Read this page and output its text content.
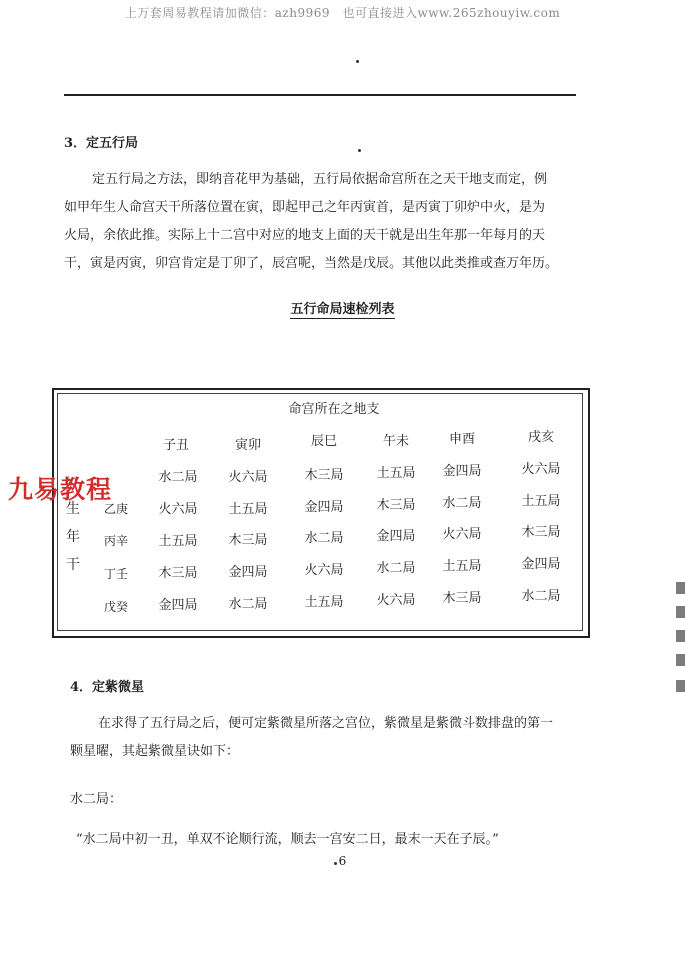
上万套周易教程请加微信：azh9969　也可直接进入www.265zhouyiw.com
3．定五行局
定五行局之方法，即纳音花甲为基础，五行局依据命宫所在之天干地支而定，例
如甲年生人命宫天干所落位置在寅，即起甲己之年丙寅首，是丙寅丁卯炉中火，是为
火局，余依此推。实际上十二宫中对应的地支上面的天干就是出生年那一年每月的天
干，寅是丙寅，卯宫肯定是丁卯了，辰宫呢，当然是戊辰。其他以此类推或查万年历。
五行命局速检列表
命宫所在之地支
子丑	寅卯	辰巳	午未	申酉	戌亥
生
年
干
水二局 火六局	木三局	土五局 金四局	火六局
乙庚 火六局 土五局	金四局	木三局 水二局	土五局
丙辛 土五局 木三局	水二局	金四局 火六局	木三局
丁壬 木三局 金四局	火六局	水二局 土五局	金四局
戊癸 金四局 水二局	土五局	火六局 木三局	水二局
九易教程
4．定紫微星
在求得了五行局之后，便可定紫微星所落之宫位，紫微星是紫微斗数排盘的第一
颗星曜，其起紫微星诀如下：
水二局：
“水二局中初一丑，单双不论顺行流，顺去一宫安二日，最末一天在子辰。”
6
